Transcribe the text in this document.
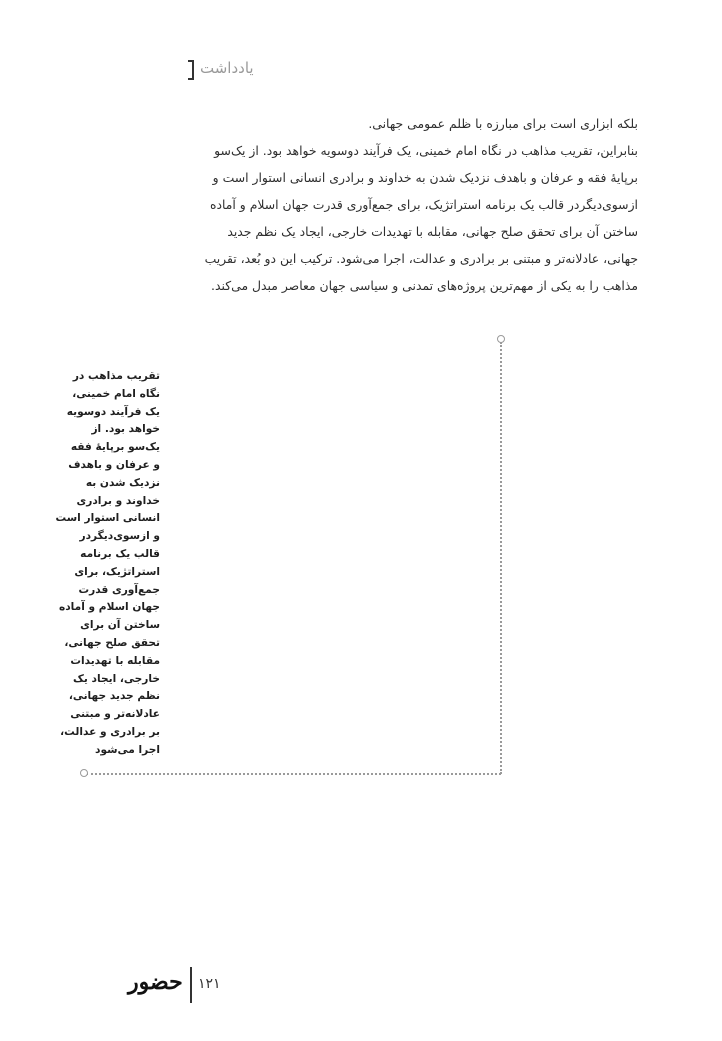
یادداشت
بلکه ابزاری است برای مبارزه با ظلم عمومی جهانی.
بنابراین، تقریب مذاهب در نگاه امام خمینی، یک فرآیند دوسویه خواهد بود. از یک‌سو
برپایهٔ فقه و عرفان و باهدف نزدیک شدن به خداوند و برادری انسانی استوار است و
ازسوی‌دیگردر قالب یک برنامه استراتژیک، برای جمع‌آوری قدرت جهان اسلام و آماده
ساختن آن برای تحقق صلح جهانی، مقابله با تهدیدات خارجی، ایجاد یک نظم جدید
جهانی، عادلانه‌تر و مبتنی بر برادری و عدالت، اجرا می‌شود. ترکیب این دو بُعد، تقریب
مذاهب را به یکی از مهم‌ترین پروژه‌های تمدنی و سیاسی جهان معاصر مبدل می‌کند.
تقریب مذاهب در
نگاه امام خمینی،
یک فرآیند دوسویه
خواهد بود. از
یک‌سو برپایهٔ فقه
و عرفان و باهدف
نزدیک شدن به
خداوند و برادری
انسانی استوار است
و ازسوی‌دیگردر
قالب یک برنامه
استراتژیک، برای
جمع‌آوری قدرت
جهان اسلام و آماده
ساختن آن برای
تحقق صلح جهانی،
مقابله با تهدیدات
خارجی، ایجاد یک
نظم جدید جهانی،
عادلانه‌تر و مبتنی
بر برادری و عدالت،
اجرا می‌شود
حضور ۱۲۱
